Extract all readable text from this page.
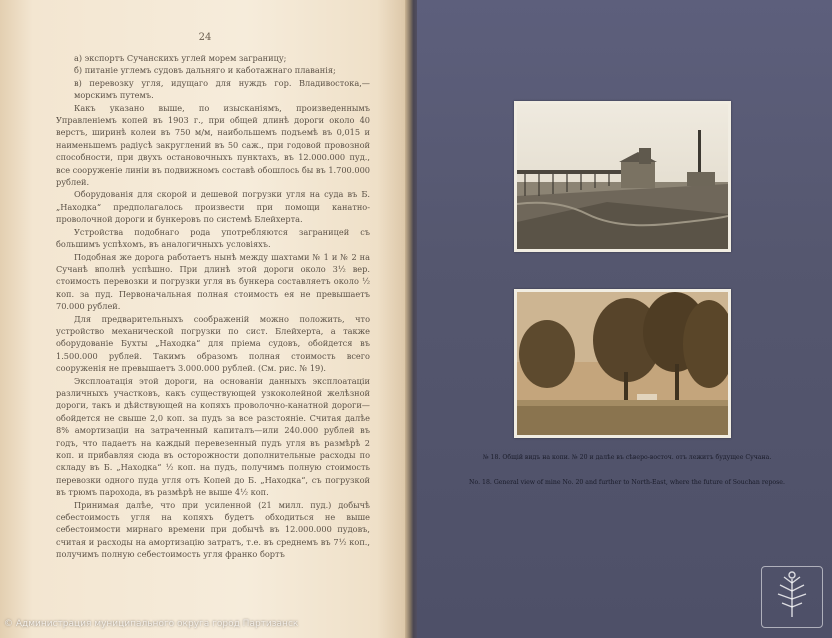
24

а) экспортъ Сучанскихъ углей морем заграницу;

б) питаніе углемъ судовъ дальняго и каботажнаго плаванія;

в) перевозку угля, идущаго для нуждъ гор. Владивостока,— морскимъ путемъ.

Какъ указано выше, по изысканіямъ, произведеннымъ Управленіемъ копей въ 1903 г., при общей длинѣ дороги около 40 верстъ, ширинѣ колеи въ 750 м/м, наибольшемъ подъемѣ въ 0,015 и наименьшемъ радіусѣ закруглений въ 50 саж., при годовой провозной способности, при двухъ остановочныхъ пунктахъ, въ 12.000.000 пуд., все сооруженіе линіи въ подвижномъ составѣ обошлось бы въ 1.700.000 рублей.

Оборудованія для скорой и дешевой погрузки угля на суда въ Б. „Находка“ предполагалось произвести при помощи канатно-проволочной дороги и бункеровъ по системѣ Блейхерта.

Устройства подобнаго рода употребляются заграницей съ большимъ успѣхомъ, въ аналогичныхъ условіяхъ.

Подобная же дорога работаетъ нынѣ между шахтами № 1 и № 2 на Сучанѣ вполнѣ успѣшно. При длинѣ этой дороги около 3½ вер. стоимость перевозки и погрузки угля въ бункера составляетъ около ½ коп. за пуд. Первоначальная полная стоимость ея не превышаетъ 70.000 рублей.

Для предварительныхъ соображеній можно положить, что устройство механической погрузки по сист. Блейхерта, а также оборудованіе Бухты „Находка“ для пріема судовъ, обойдется въ 1.500.000 рублей. Такимъ образомъ полная стоимость всего сооруженія не превышаетъ 3.000.000 рублей. (Cм. рис. № 19).

Эксплоатація этой дороги, на основаніи данныхъ эксплоатаціи различныхъ участковъ, какъ существующей узкоколейной желѣзной дороги, такъ и дѣйствующей на копяхъ проволочно-канатной дороги—обойдется не свыше 2,0 коп. за пудъ за все разстояніе. Считая далѣе 8% амортизаціи на затраченный капиталъ—или 240.000 рублей въ годъ, что падаетъ на каждый перевезенный пудъ угля въ размѣрѣ 2 коп. и прибавляя сюда въ осторожности дополнительные расходы по складу въ Б. „Находка“ ½ коп. на пудъ, получимъ полную стоимость перевозки одного пуда угля отъ Копей до Б. „Находка“, съ погрузкой въ трюмъ парохода, въ размѣрѣ не выше 4½ коп.

Принимая далѣе, что при усиленной (21 милл. пуд.) добычѣ себестоимость угля на копяхъ будетъ обходиться не выше себестоимости мирнаго времени при добычѣ въ 12.000.000 пудовъ, считая и расходы на амортизацію затратъ, т.е. въ среднемъ въ 7½ коп., получимъ полную себестоимость угля франко бортъ

© Администрация муниципального округа город Партизанск
№ 18. Общій видъ на копи. № 20 и далѣе въ сѣверо-восточ. отъ лежитъ будущее Сучана.
No. 18. General view of mine No. 20 and further to North-East, where the future of Souchan repose.
